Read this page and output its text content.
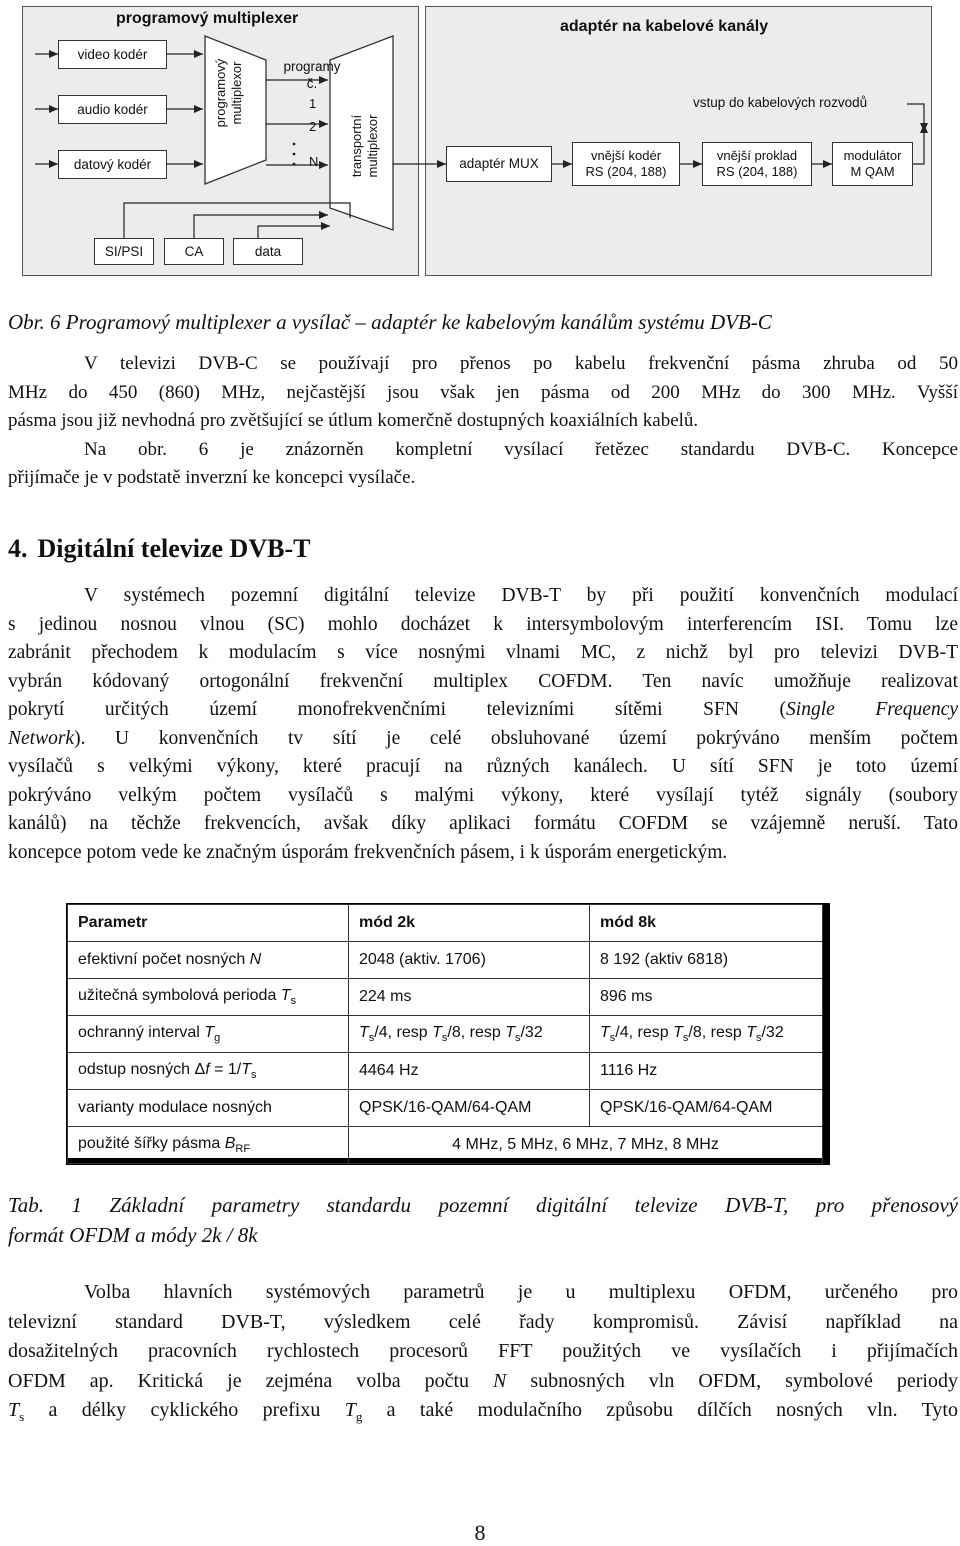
programový multiplexer	adaptér na kabelové kanály
video kodér
audio kodér
datový kodér
programový multiplexor	programy
č.
1
2
N transportní multiplexor	adaptér MUX
vnější kodér
RS (204, 188)
vnější proklad
RS (204, 188)
modulátor
M QAM
vstup do kabelových rozvodů
SI/PSI	CA	data
Obr. 6 Programový multiplexer a vysílač – adaptér ke kabelovým kanálům systému DVB-C
V televizi DVB-C se používají pro přenos po kabelu frekvenční pásma zhruba od 50
MHz do 450 (860) MHz, nejčastější jsou však jen pásma od 200 MHz do 300 MHz. Vyšší
pásma jsou již nevhodná pro zvětšující se útlum komerčně dostupných koaxiálních kabelů.
Na obr. 6 je znázorněn kompletní vysílací řetězec standardu DVB-C. Koncepce
přijímače je v podstatě inverzní ke koncepci vysílače.
4. Digitální televize DVB-T
V systémech pozemní digitální televize DVB-T by při použití konvenčních modulací
s jedinou nosnou vlnou (SC) mohlo docházet k intersymbolovým interferencím ISI. Tomu lze
zabránit přechodem k modulacím s více nosnými vlnami MC, z nichž byl pro televizi DVB-T
vybrán kódovaný ortogonální frekvenční multiplex COFDM. Ten navíc umožňuje realizovat
pokrytí určitých území monofrekvenčními televizními sítěmi SFN (Single Frequency
Network). U konvenčních tv sítí je celé obsluhované území pokrýváno menším počtem
vysílačů s velkými výkony, které pracují na různých kanálech. U sítí SFN je toto území
pokrýváno velkým počtem vysílačů s malými výkony, které vysílají tytéž signály (soubory
kanálů) na těchže frekvencích, avšak díky aplikaci formátu COFDM se vzájemně neruší. Tato
koncepce potom vede ke značným úsporám frekvenčních pásem, i k úsporám energetickým.
Parametr	mód 2k	mód 8k
efektivní počet nosných N	2048 (aktiv. 1706)	8 192 (aktiv 6818)
užitečná symbolová perioda $T_s$	224 ms	896 ms
ochranný interval $T_g$	$T_s/4$, resp $T_s/8$, resp $T_s/32$	$T_s/4$, resp $T_s/8$, resp $T_s/32$
odstup nosných $\Delta f = 1/T_s$	4464 Hz	1116 Hz
varianty modulace nosných	QPSK/16-QAM/64-QAM	QPSK/16-QAM/64-QAM
použité šířky pásma $B_{RF}$	4 MHz, 5 MHz, 6 MHz, 7 MHz, 8 MHz	
Tab. 1 Základní parametry standardu pozemní digitální televize DVB-T, pro přenosový
formát OFDM a módy 2k / 8k
Volba hlavních systémových parametrů je u multiplexu OFDM, určeného pro
televizní standard DVB-T, výsledkem celé řady kompromisů. Závisí například na
dosažitelných pracovních rychlostech procesorů FFT použitých ve vysílačích i přijímačích
OFDM ap. Kritická je zejména volba počtu N subnosných vln OFDM, symbolové periody
$T_s$ a délky cyklického prefixu $T_g$ a také modulačního způsobu dílčích nosných vln. Tyto
8
